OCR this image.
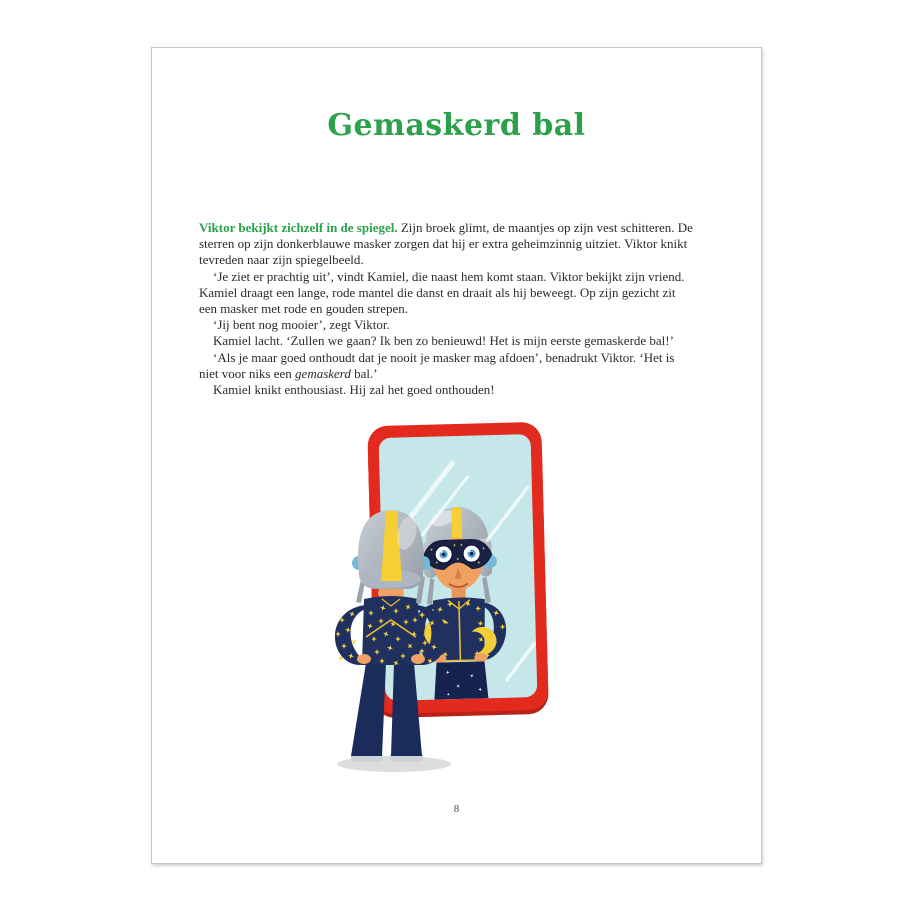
Gemaskerd bal

Viktor bekijkt zichzelf in de spiegel. Zijn broek glimt, de maantjes op zijn vest schitteren. De sterren op zijn donkerblauwe masker zorgen dat hij er extra geheimzinnig uitziet. Viktor knikt tevreden naar zijn spiegelbeeld.

‘Je ziet er prachtig uit’, vindt Kamiel, die naast hem komt staan. Viktor bekijkt zijn vriend. Kamiel draagt een lange, rode mantel die danst en draait als hij beweegt. Op zijn gezicht zit een masker met rode en gouden strepen.

‘Jij bent nog mooier’, zegt Viktor.

Kamiel lacht. ‘Zullen we gaan? Ik ben zo benieuwd! Het is mijn eerste gemaskerde bal!’

‘Als je maar goed onthoudt dat je nooit je masker mag afdoen’, benadrukt Viktor. ‘Het is niet voor niks een gemaskerd bal.’

Kamiel knikt enthousiast. Hij zal het goed onthouden!

8
